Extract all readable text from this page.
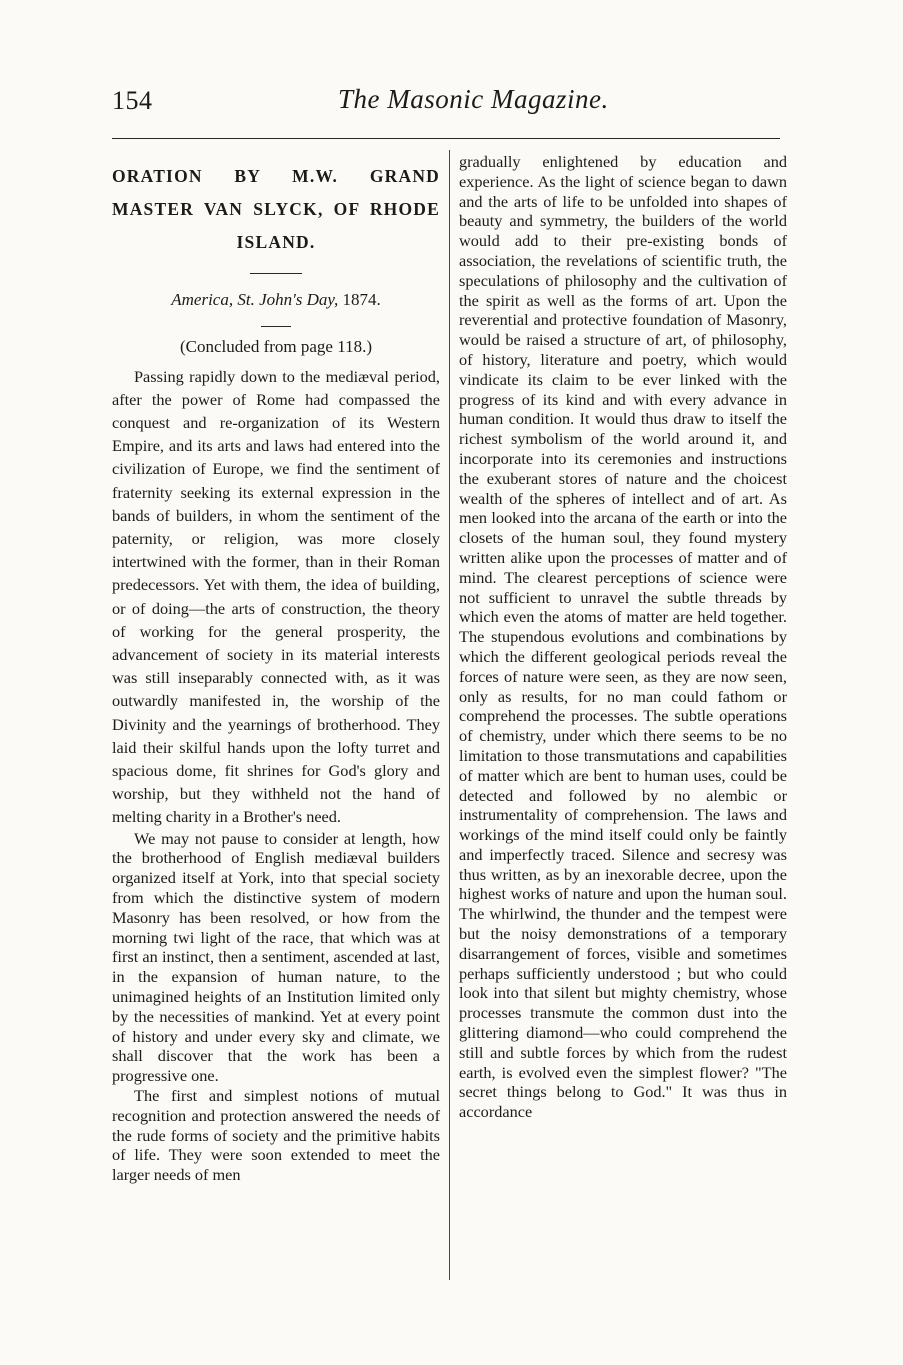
154	The Masonic Magazine.
ORATION BY M.W. GRAND MASTER VAN SLYCK, OF RHODE ISLAND.

America, St. John's Day, 1874.

(Concluded from page 118.)

Passing rapidly down to the mediæval period, after the power of Rome had compassed the conquest and re-organization of its Western Empire, and its arts and laws had entered into the civilization of Europe, we find the sentiment of fraternity seeking its external expression in the bands of builders, in whom the sentiment of the paternity, or religion, was more closely intertwined with the former, than in their Roman predecessors. Yet with them, the idea of building, or of doing—the arts of construction, the theory of working for the general prosperity, the advancement of society in its material interests was still inseparably connected with, as it was outwardly manifested in, the worship of the Divinity and the yearnings of brotherhood. They laid their skilful hands upon the lofty turret and spacious dome, fit shrines for God's glory and worship, but they withheld not the hand of melting charity in a Brother's need.

We may not pause to consider at length, how the brotherhood of English mediæval builders organized itself at York, into that special society from which the distinctive system of modern Masonry has been resolved, or how from the morning twi light of the race, that which was at first an instinct, then a sentiment, ascended at last, in the expansion of human nature, to the unimagined heights of an Institution limited only by the necessities of mankind. Yet at every point of history and under every sky and climate, we shall discover that the work has been a progressive one.

The first and simplest notions of mutual recognition and protection answered the needs of the rude forms of society and the primitive habits of life. They were soon extended to meet the larger needs of men

gradually enlightened by education and experience. As the light of science began to dawn and the arts of life to be unfolded into shapes of beauty and symmetry, the builders of the world would add to their pre-existing bonds of association, the revelations of scientific truth, the speculations of philosophy and the cultivation of the spirit as well as the forms of art. Upon the reverential and protective foundation of Masonry, would be raised a structure of art, of philosophy, of history, literature and poetry, which would vindicate its claim to be ever linked with the progress of its kind and with every advance in human condition. It would thus draw to itself the richest symbolism of the world around it, and incorporate into its ceremonies and instructions the exuberant stores of nature and the choicest wealth of the spheres of intellect and of art. As men looked into the arcana of the earth or into the closets of the human soul, they found mystery written alike upon the processes of matter and of mind. The clearest perceptions of science were not sufficient to unravel the subtle threads by which even the atoms of matter are held together. The stupendous evolutions and combinations by which the different geological periods reveal the forces of nature were seen, as they are now seen, only as results, for no man could fathom or comprehend the processes. The subtle operations of chemistry, under which there seems to be no limitation to those transmutations and capabilities of matter which are bent to human uses, could be detected and followed by no alembic or instrumentality of comprehension. The laws and workings of the mind itself could only be faintly and imperfectly traced. Silence and secresy was thus written, as by an inexorable decree, upon the highest works of nature and upon the human soul. The whirlwind, the thunder and the tempest were but the noisy demonstrations of a temporary disarrangement of forces, visible and sometimes perhaps sufficiently understood ; but who could look into that silent but mighty chemistry, whose processes transmute the common dust into the glittering diamond—who could comprehend the still and subtle forces by which from the rudest earth, is evolved even the simplest flower? "The secret things belong to God." It was thus in accordance
